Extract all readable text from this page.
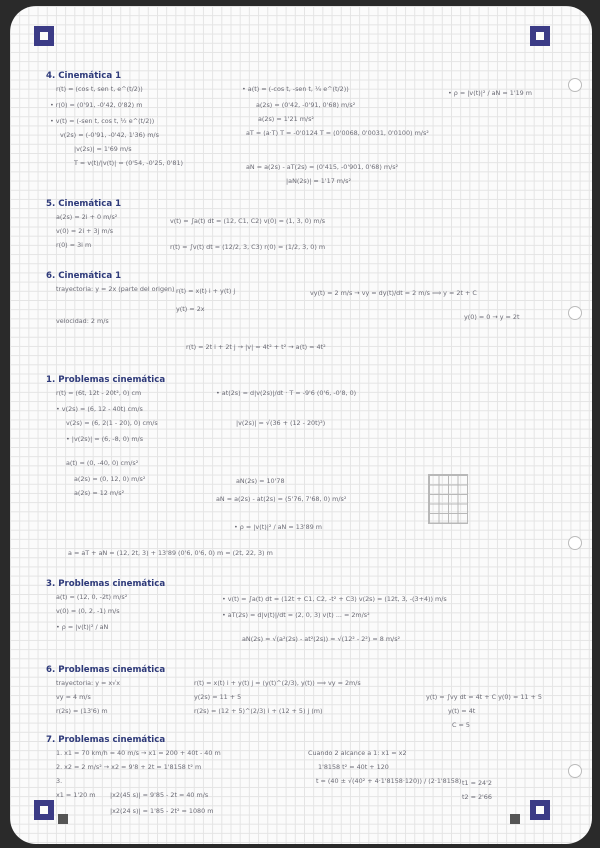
4. Cinemática 1
r(t) = (cos t, sen t, e^(t/2))
• r(0) = (0'91, -0'42, 0'82) m
• v(t) = (-sen t, cos t, ½ e^(t/2))
v(2s) = (-0'91, -0'42, 1'36) m/s
|v(2s)| = 1'69 m/s
T = v(t)/|v(t)| = (0'54, -0'25, 0'81)
• a(t) = (-cos t, -sen t, ¼ e^(t/2))
a(2s) = (0'42, -0'91, 0'68) m/s²
a(2s) = 1'21 m/s²
aT = (a·T) T = -0'0124 T = (0'0068, 0'0031, 0'0100) m/s²
aN = a(2s) - aT(2s) = (0'415, -0'901, 0'68) m/s²
|aN(2s)| = 1'17 m/s²
• ρ = |v(t)|² / aN = 1'19 m
5. Cinemática 1
a(2s) = 2i + 0 m/s²
v(0) = 2i + 3j m/s
r(0) = 3i m
v(t) = ∫a(t) dt = (12, C1, C2) v(0) = (1, 3, 0) m/s
r(t) = ∫v(t) dt = (12/2, 3, C3) r(0) = (1/2, 3, 0) m
6. Cinemática 1
trayectoria: y = 2x (parte del origen)
velocidad: 2 m/s
r(t) = x(t) i + y(t) j
y(t) = 2x
vy(t) = 2 m/s → vy = dy(t)/dt = 2 m/s ⟹ y = 2t + C
y(0) = 0 → y = 2t
r(t) = 2t i + 2t j → |v| = 4t² + t² → a(t) = 4t²
1. Problemas cinemática
r(t) = (6t, 12t - 20t², 0) cm
• v(2s) = (6, 12 - 40t) cm/s
v(2s) = (6, 2(1 - 20), 0) cm/s
• |v(2s)| = (6, -8, 0) m/s
a(t) = (0, -40, 0) cm/s²
a(2s) = (0, 12, 0) m/s²
a(2s) = 12 m/s²
• at(2s) = d|v(2s)|/dt · T = -9'6 (0'6, -0'8, 0)
|v(2s)| = √(36 + (12 - 20t)²)
aN(2s) = 10'78
aN = a(2s) - at(2s) = (5'76, 7'68, 0) m/s²
• ρ = |v(t)|² / aN = 13'89 m
a = aT + aN = (12, 2t, 3) + 13'89 (0'6, 0'6, 0) m = (2t, 22, 3) m
3. Problemas cinemática
a(t) = (12, 0, -2t) m/s²
v(0) = (0, 2, -1) m/s
• ρ = |v(t)|² / aN
• v(t) = ∫a(t) dt = (12t + C1, C2, -t² + C3) v(2s) = (12t, 3, -(3+4)) m/s
• aT(2s) = d|v(t)|/dt = (2, 0, 3) v(t) ... = 2m/s²
aN(2s) = √(a²(2s) - at²(2s)) = √(12² - 2²) = 8 m/s²
6. Problemas cinemática
trayectoria: y = x√x
vy = 4 m/s
r(2s) = (13'6) m
r(t) = x(t) i + y(t) j = (y(t)^(2/3), y(t)) ⟹ vy = 2m/s
y(2s) = 11 + 5
r(2s) = (12 + 5)^(2/3) i + (12 + 5) j (m)
y(t) = ∫vy dt = 4t + C y(0) = 11 + 5
y(t) = 4t
C = 5
7. Problemas cinemática
1. x1 = 70 km/h = 40 m/s → x1 = 200 + 40t - 40 m
2. x2 = 2 m/s² → x2 = 9'8 + 2t = 1'8158 t² m
3.
x1 = 1'20 m |x2(45 s)| = 9'85 - 2t = 40 m/s
|x2(24 s)| = 1'85 - 2t² = 1080 m
Cuando 2 alcance a 1: x1 = x2
1'8158 t² = 40t + 120
t = (40 ± √(40² + 4·1'8158·120)) / (2·1'8158) t1 = 24'2
t2 = 2'66
